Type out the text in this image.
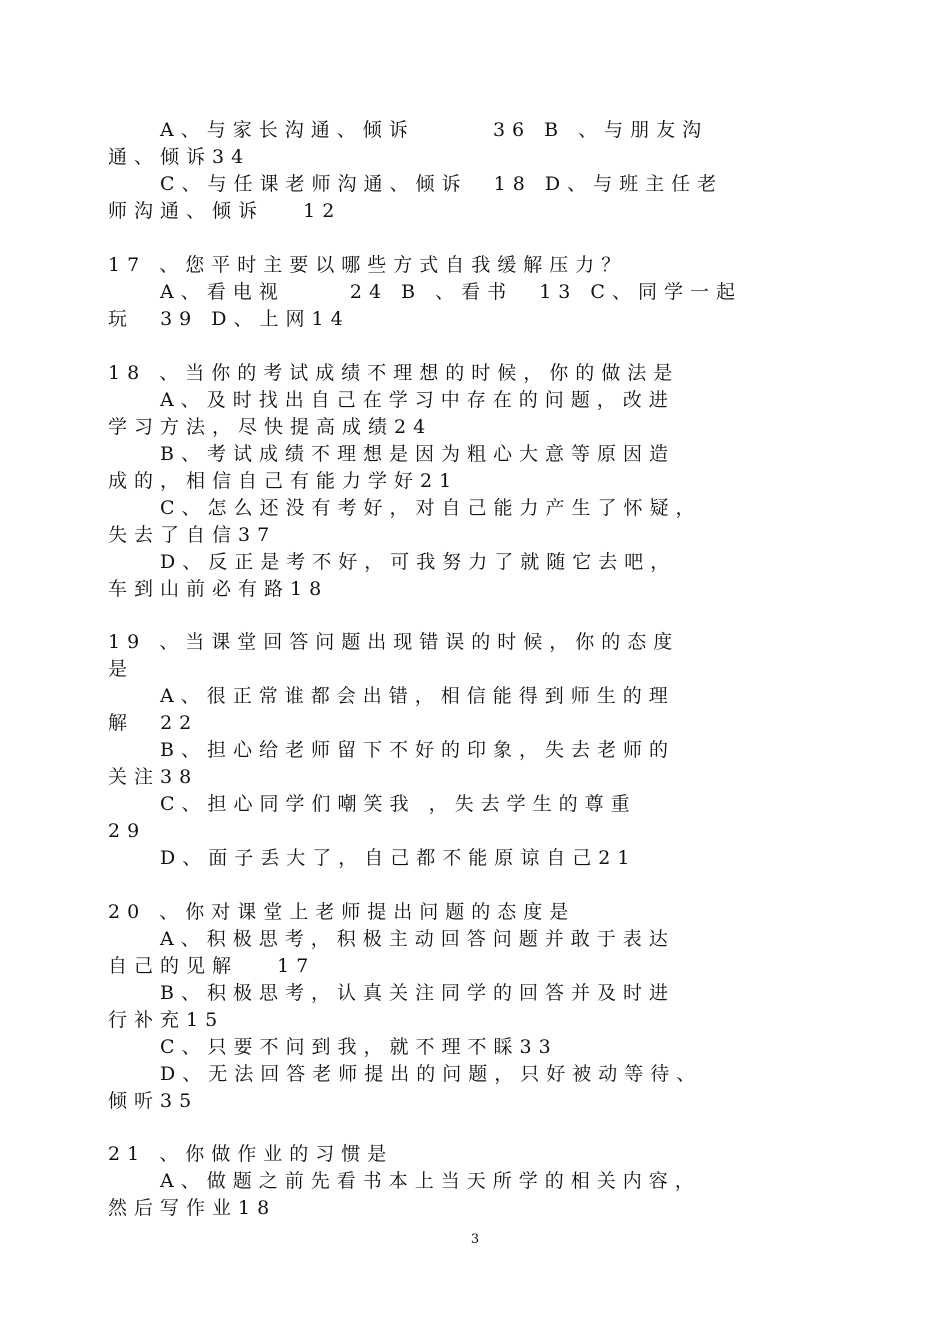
A、与家长沟通、倾诉      36 B 、与朋友沟
通、倾诉34
C、与任课老师沟通、倾诉  18 D、与班主任老
师沟通、倾诉   12
17 、您平时主要以哪些方式自我缓解压力？
A、看电视     24 B 、看书  13 C、同学一起
玩  39 D、上网14
18 、当你的考试成绩不理想的时候，你的做法是
A、及时找出自己在学习中存在的问题，改进
学习方法，尽快提高成绩24
B、考试成绩不理想是因为粗心大意等原因造
成的，相信自己有能力学好21
C、怎么还没有考好，对自己能力产生了怀疑，
失去了自信37
D、反正是考不好，可我努力了就随它去吧，
车到山前必有路18
19 、当课堂回答问题出现错误的时候，你的态度
是
A、很正常谁都会出错，相信能得到师生的理
解  22
B、担心给老师留下不好的印象，失去老师的
关注38
C、担心同学们嘲笑我 ，失去学生的尊重
29
D、面子丢大了，自己都不能原谅自己21
20 、你对课堂上老师提出问题的态度是
A、积极思考，积极主动回答问题并敢于表达
自己的见解   17
B、积极思考，认真关注同学的回答并及时进
行补充15
C、只要不问到我，就不理不睬33
D、无法回答老师提出的问题，只好被动等待、
倾听35
21 、你做作业的习惯是
A、做题之前先看书本上当天所学的相关内容，
然后写作业18
3
